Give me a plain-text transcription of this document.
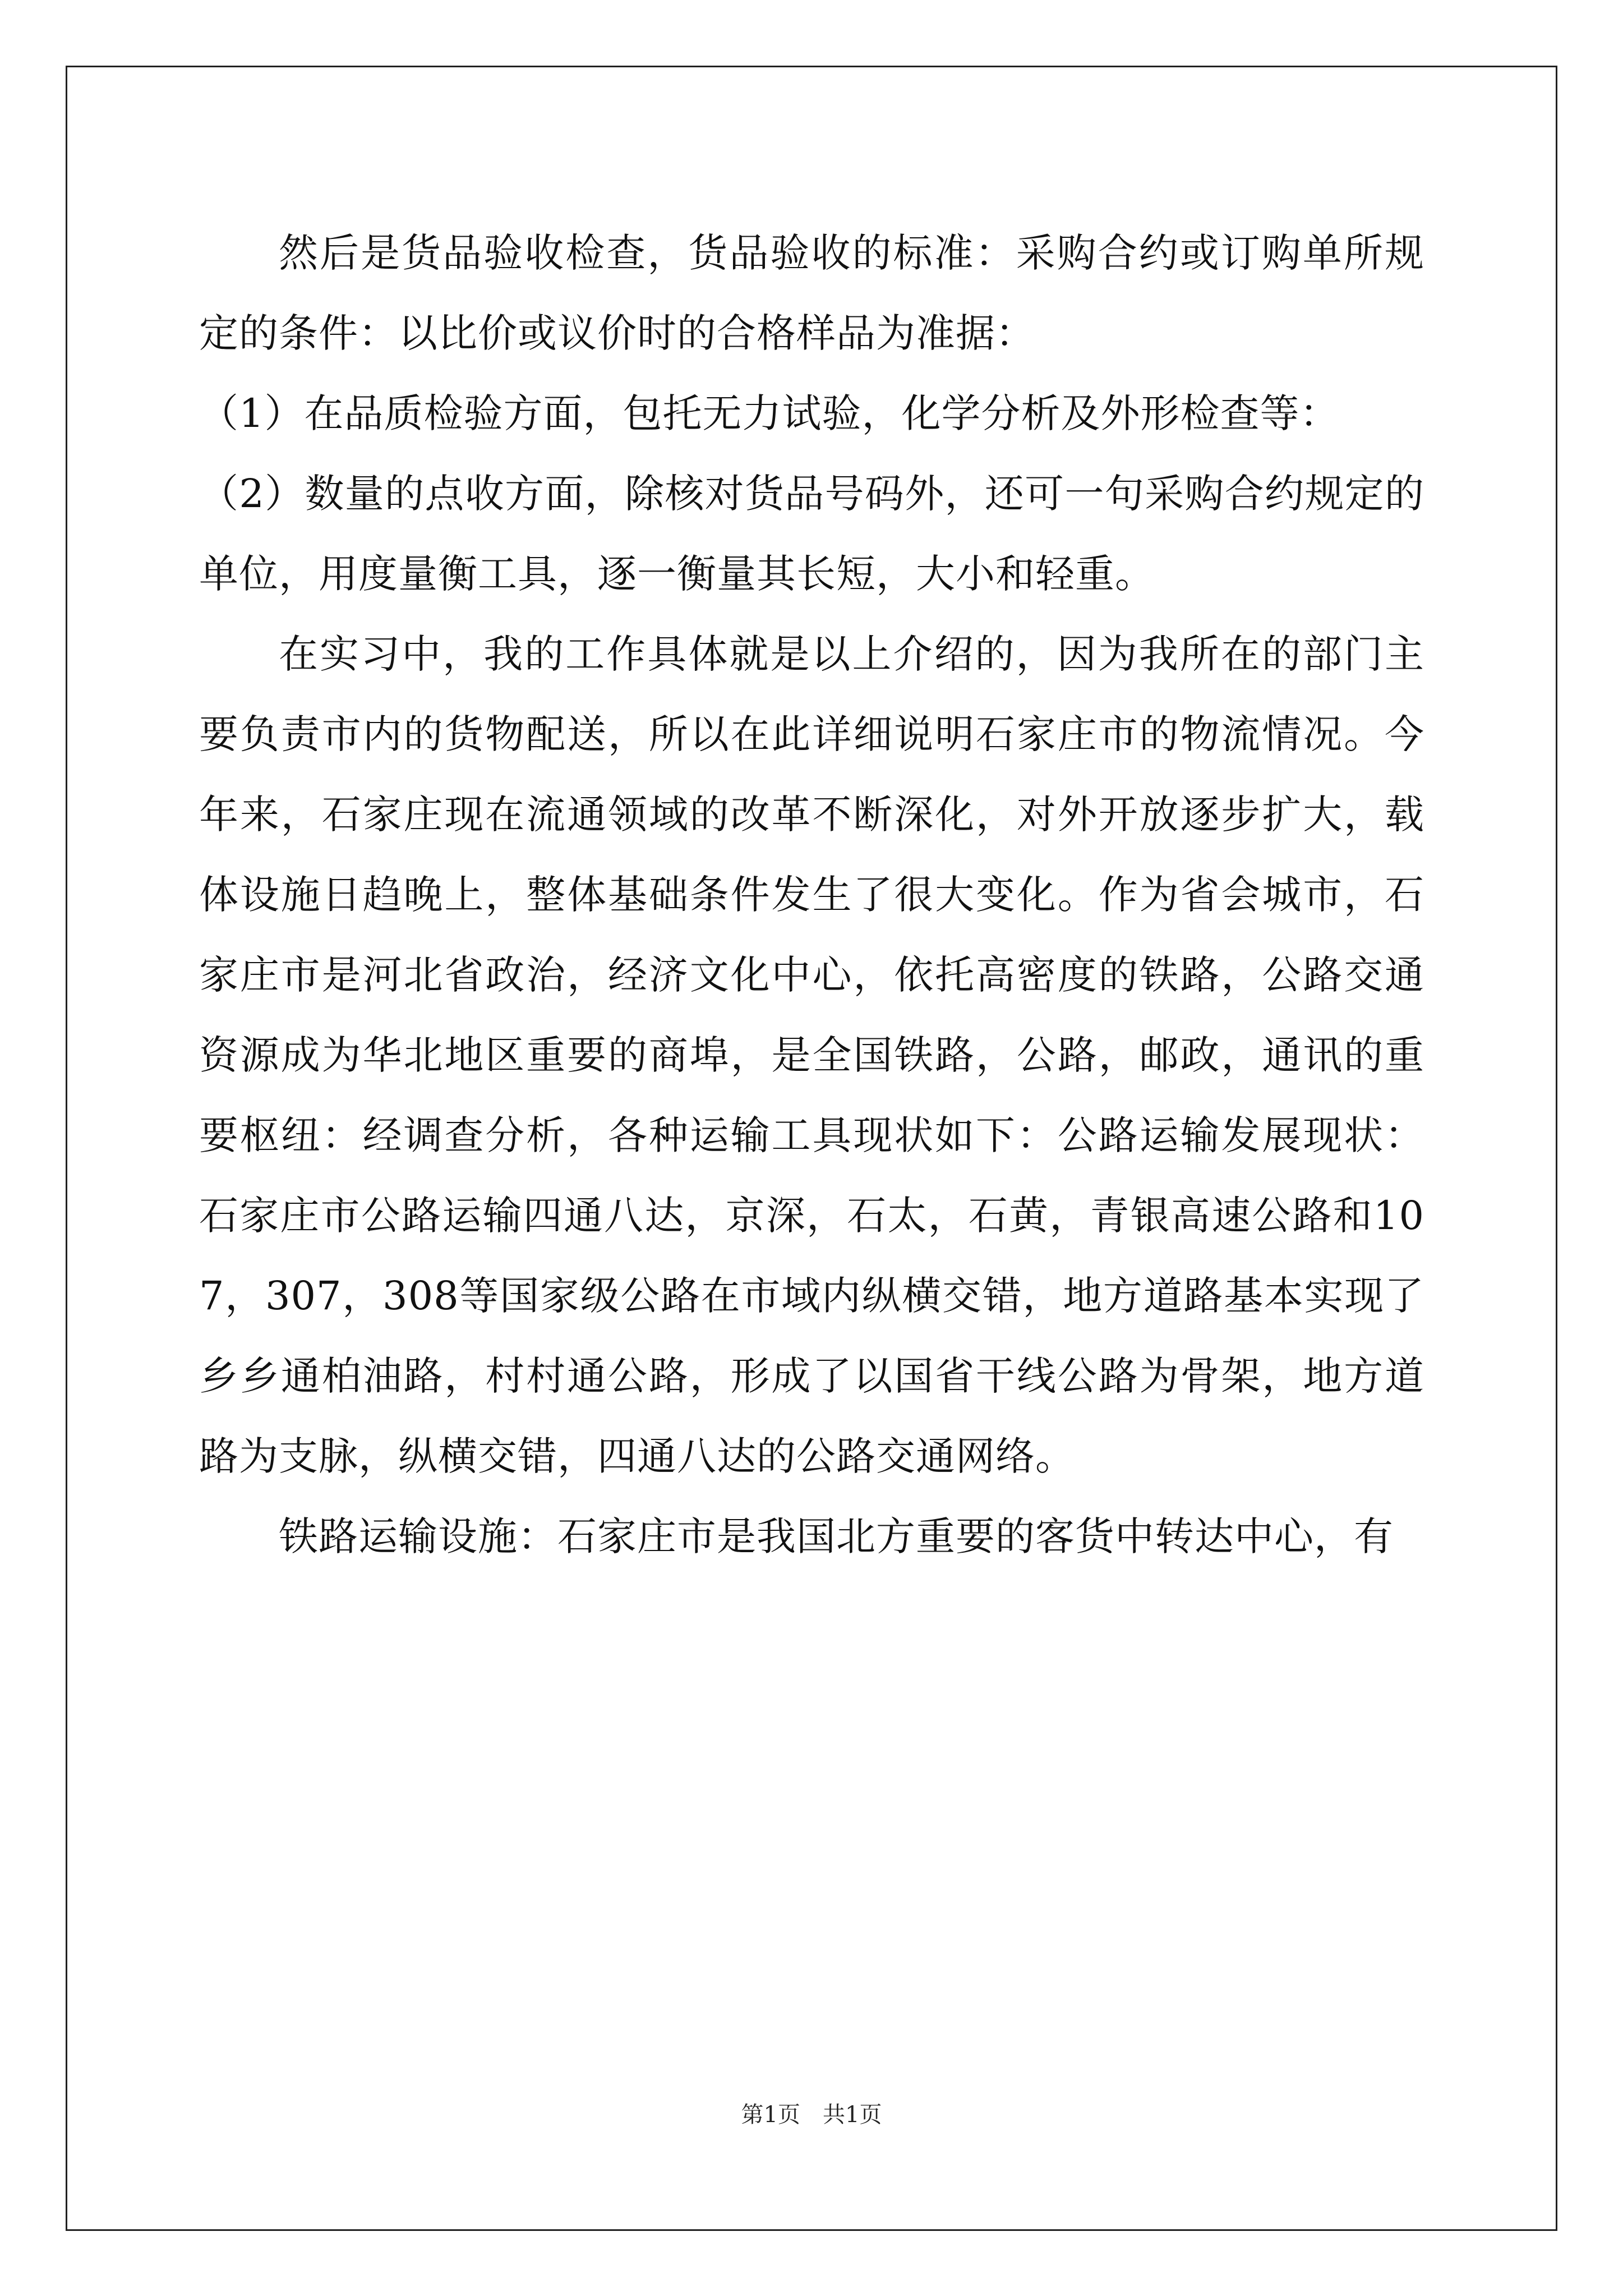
然后是货品验收检查，货品验收的标准：采购合约或订购单所规定的条件：以比价或议价时的合格样品为准据：

（1）在品质检验方面，包托无力试验，化学分析及外形检查等：

（2）数量的点收方面，除核对货品号码外，还可一句采购合约规定的单位，用度量衡工具，逐一衡量其长短，大小和轻重。

在实习中，我的工作具体就是以上介绍的，因为我所在的部门主要负责市内的货物配送，所以在此详细说明石家庄市的物流情况。今年来，石家庄现在流通领域的改革不断深化，对外开放逐步扩大，载体设施日趋晚上，整体基础条件发生了很大变化。作为省会城市，石家庄市是河北省政治，经济文化中心，依托高密度的铁路，公路交通资源成为华北地区重要的商埠，是全国铁路，公路，邮政，通讯的重要枢纽：经调查分析，各种运输工具现状如下：公路运输发展现状：石家庄市公路运输四通八达，京深，石太，石黄，青银高速公路和107，307，308等国家级公路在市域内纵横交错，地方道路基本实现了乡乡通柏油路，村村通公路，形成了以国省干线公路为骨架，地方道路为支脉，纵横交错，四通八达的公路交通网络。

铁路运输设施：石家庄市是我国北方重要的客货中转达中心，有

第1页　共1页
